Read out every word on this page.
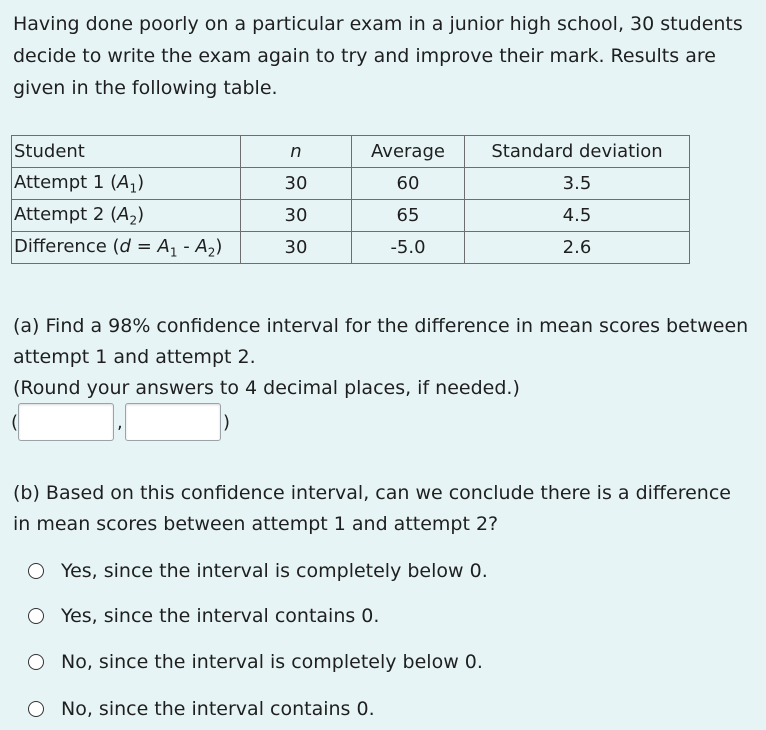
Having done poorly on a particular exam in a junior high school, 30 students decide to write the exam again to try and improve their mark. Results are given in the following table.
Student	n	Average	Standard deviation
Attempt 1 $(A_1)$	30	60	3.5
Attempt 2 $(A_2)$	30	65	4.5
Difference $(d = A_1 - A_2)$	30	-5.0	2.6
(a) Find a 98% confidence interval for the difference in mean scores between attempt 1 and attempt 2.
(Round your answers to 4 decimal places, if needed.)
(	,	)
(b) Based on this confidence interval, can we conclude there is a difference in mean scores between attempt 1 and attempt 2?
Yes, since the interval is completely below 0.
Yes, since the interval contains 0.
No, since the interval is completely below 0.
No, since the interval contains 0.
